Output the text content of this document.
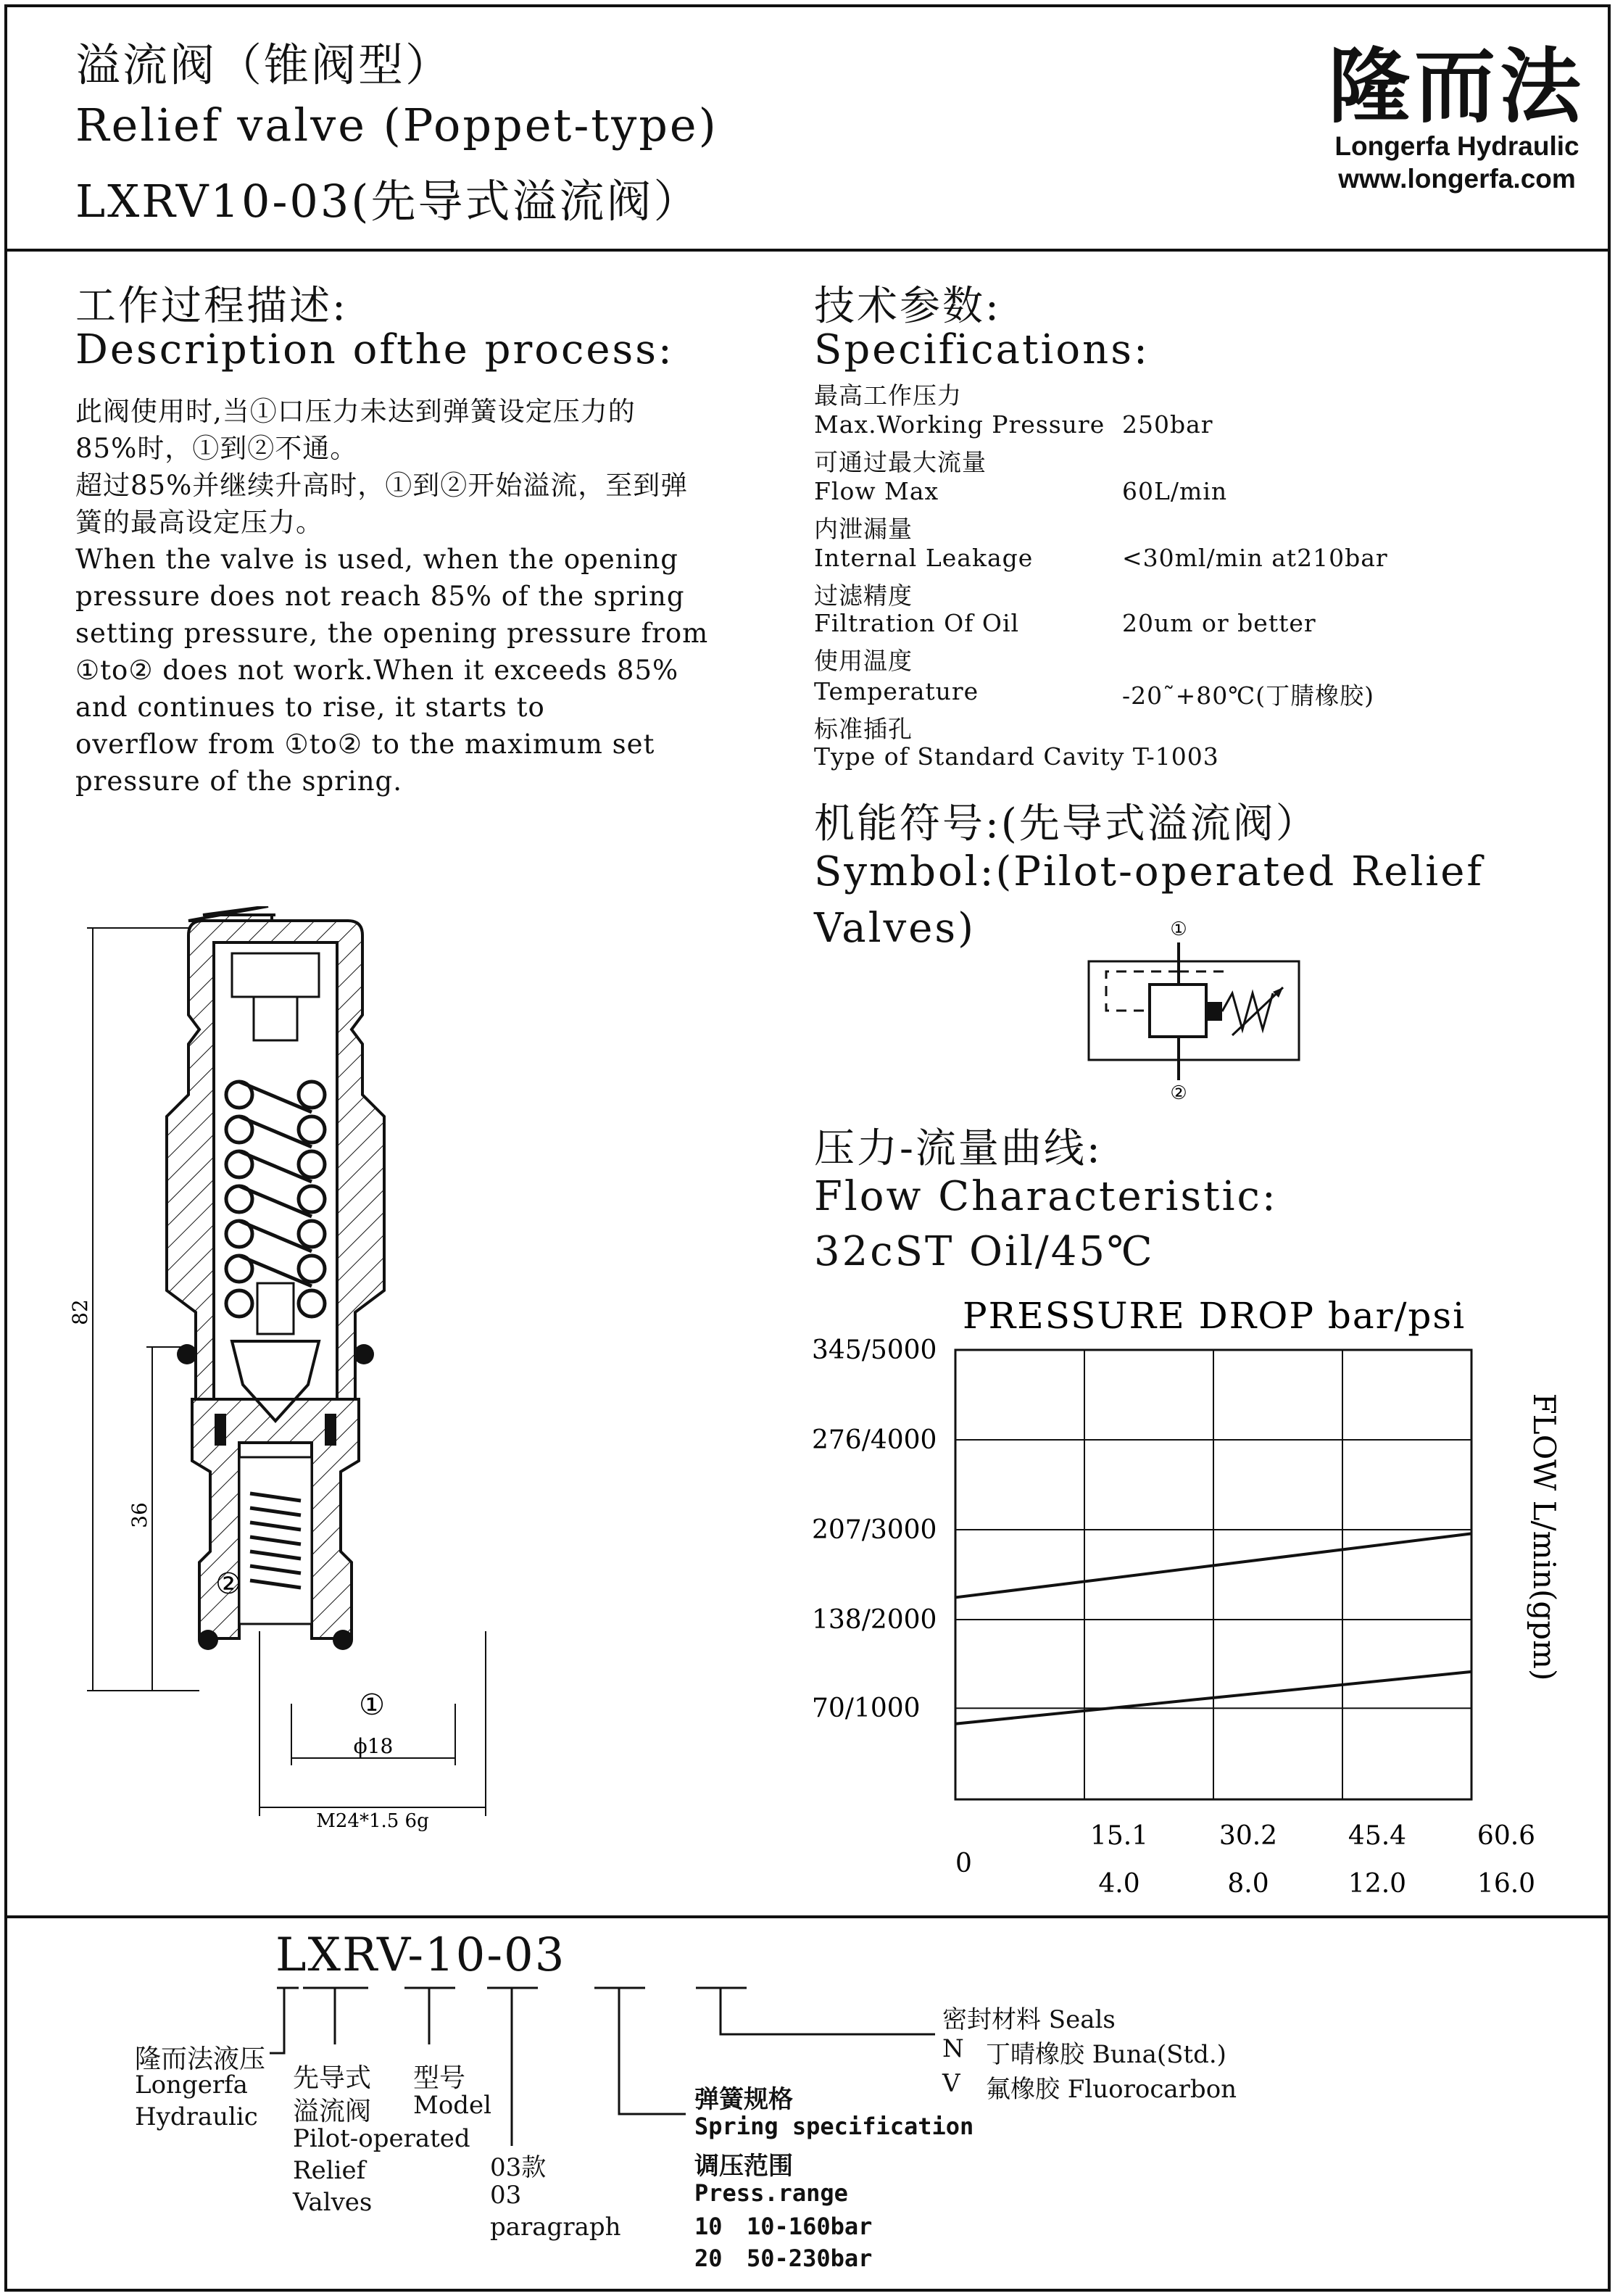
溢流阀（锥阀型）
Relief valve (Poppet-type)
LXRV10-03(先导式溢流阀）
隆而法
Longerfa Hydraulic
www.longerfa.com
工作过程描述:
Description ofthe process:
此阀使用时,当①口压力未达到弹簧设定压力的
85%时，①到②不通。
超过85%并继续升高时，①到②开始溢流，至到弹
簧的最高设定压力。
When the valve is used, when the opening
pressure does not reach 85% of the spring
setting pressure, the opening pressure from
①to② does not work.When it exceeds 85%
and continues to rise, it starts to
overflow from ①to② to the maximum set
pressure of the spring.
技术参数:
Specifications:
最高工作压力
Max.Working Pressure 250bar
可通过最大流量
Flow Max	60L/min
内泄漏量
Internal Leakage	<30ml/min at210bar
过滤精度
Filtration Of Oil	20um or better
使用温度
Temperature	-20˜+80℃(丁腈橡胶)
标准插孔
Type of Standard Cavity T-1003
机能符号:(先导式溢流阀）
Symbol:(Pilot-operated Relief
Valves)	①
②
82
36
②
①
ϕ18
M24*1.5 6g
压力-流量曲线:
Flow Characteristic:
32cST Oil/45℃
PRESSURE DROP bar/psi
FLOW L/min(gpm)
345/5000
276/4000
207/3000
138/2000
70/1000
15.1
4.0
30.2
8.0
45.4
12.0
60.6
16.0
0
LXRV-10-03
隆而法液压
Longerfa
Hydraulic
先导式
溢流阀
Pilot-operated
Relief
Valves
型号
Model
03款
03
paragraph
弹簧规格
Spring specification
调压范围
Press.range
10 10-160bar
20 50-230bar
密封材料 Seals
N 丁晴橡胶 Buna(Std.)
V 氟橡胶 Fluorocarbon
